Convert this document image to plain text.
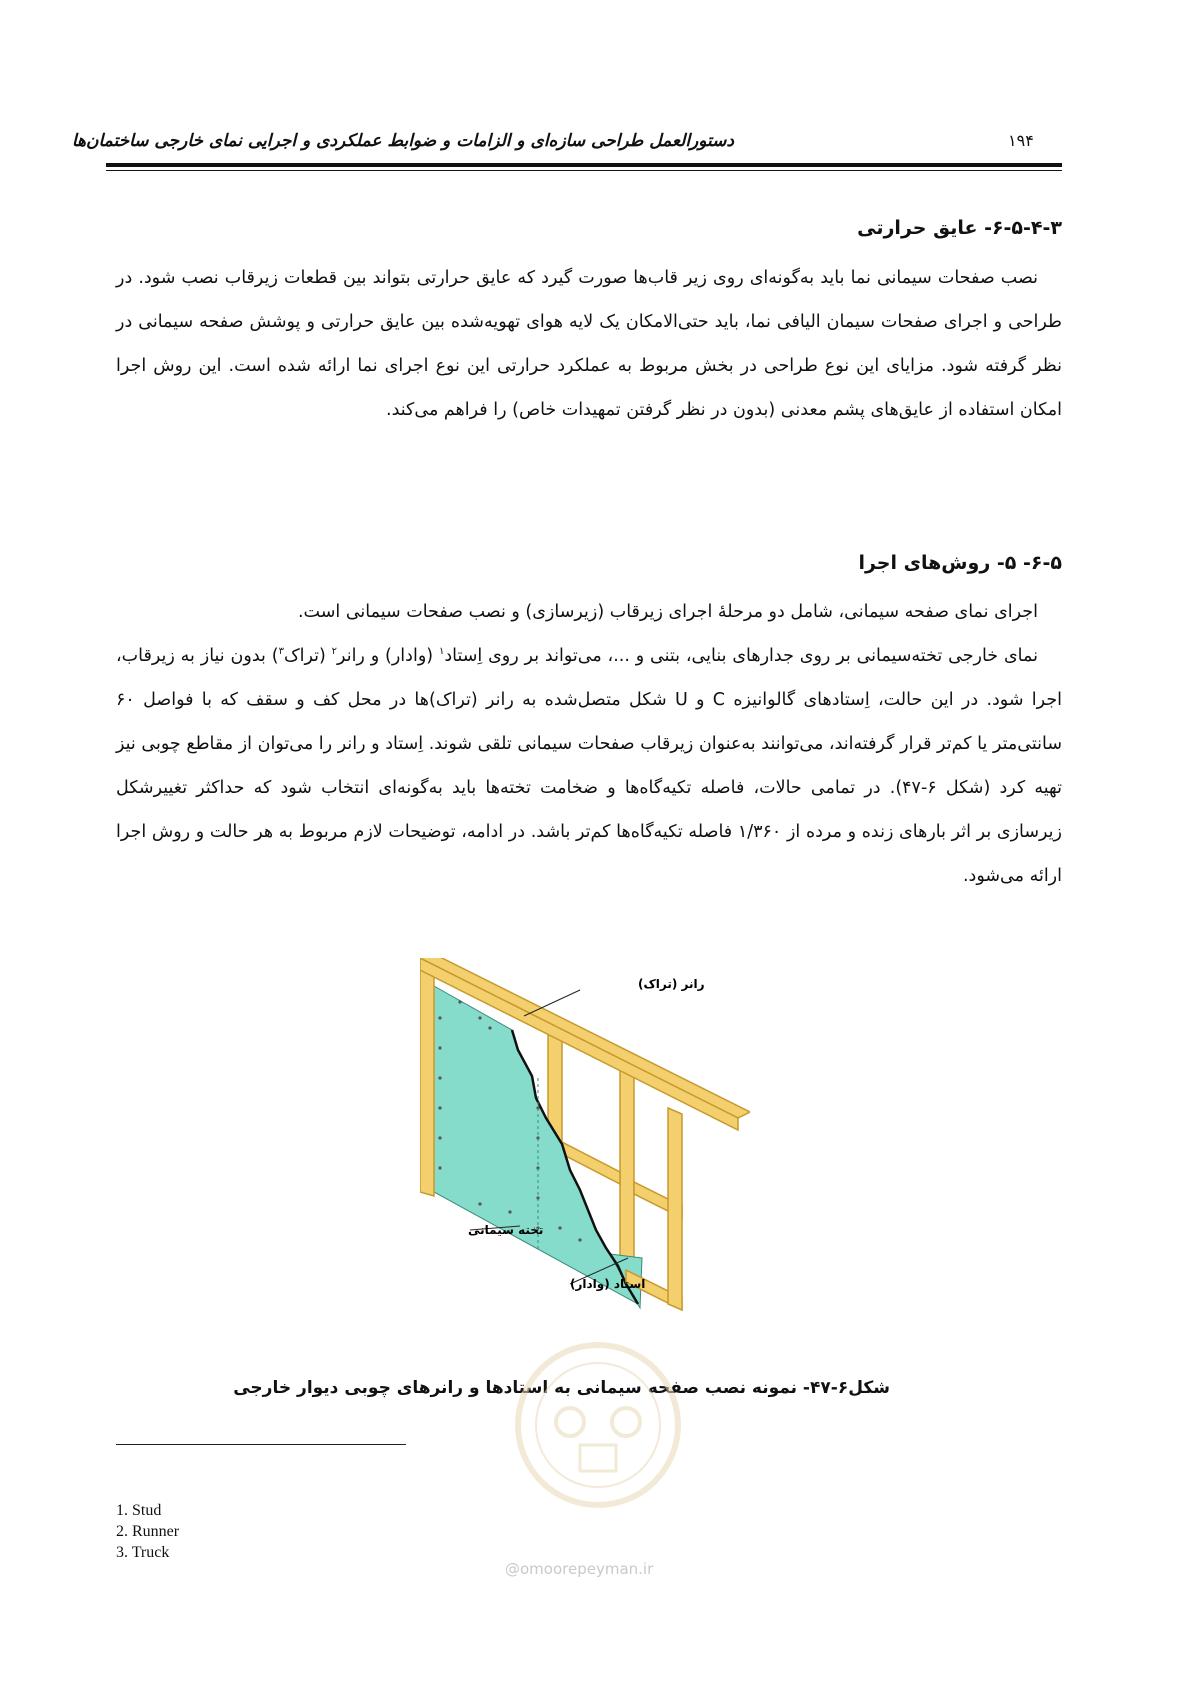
دستورالعمل طراحی سازه‌ای و الزامات و ضوابط عملکردی و اجرایی نمای خارجی ساختمان‌ها	۱۹۴
۶-۵-۴-۳- عایق حرارتی
نصب صفحات سیمانی نما باید به‌گونه‌ای روی زیر قاب‌ها صورت گیرد که عایق حرارتی بتواند بین قطعات زیرقاب نصب شود. در طراحی و اجرای صفحات سیمان الیافی نما، باید حتی‌الامکان یک لایه هوای تهویه‌شده بین عایق حرارتی و پوشش صفحه سیمانی در نظر گرفته شود. مزایای این نوع طراحی در بخش مربوط به عملکرد حرارتی این نوع اجرای نما ارائه شده است. این روش اجرا امکان استفاده از عایق‌های پشم معدنی (بدون در نظر گرفتن تمهیدات خاص) را فراهم می‌کند.
۶-۵- ۵- روش‌های اجرا
اجرای نمای صفحه سیمانی، شامل دو مرحلهٔ اجرای زیرقاب (زیرسازی) و نصب صفحات سیمانی است.
نمای خارجی تخته‌سیمانی بر روی جدارهای بنایی، بتنی و ...، می‌تواند بر روی اِستاد$^۱$ (وادار) و رانر$^۲$ (تراک$^۳$) بدون نیاز به زیرقاب، اجرا شود. در این حالت، اِستادهای گالوانیزه C و U شکل متصل‌شده به رانر (تراک)ها در محل کف و سقف که با فواصل ۶۰ سانتی‌متر یا کم‌تر قرار گرفته‌اند، می‌توانند به‌عنوان زیرقاب صفحات سیمانی تلقی شوند. اِستاد و رانر را می‌توان از مقاطع چوبی نیز تهیه کرد (شکل ۶-۴۷). در تمامی حالات، فاصله تکیه‌گاه‌ها و ضخامت تخته‌ها باید به‌گونه‌ای انتخاب شود که حداکثر تغییرشکل زیرسازی بر اثر بارهای زنده و مرده از ۱/۳۶۰ فاصله تکیه‌گاه‌ها کم‌تر باشد. در ادامه، توضیحات لازم مربوط به هر حالت و روش اجرا ارائه می‌شود.
رانر (تراک)
تخته سیمانی
استاد (وادار)
شکل۶-۴۷- نمونه نصب صفحه سیمانی به استادها و رانرهای چوبی دیوار خارجی
1. Stud
2. Runner
3. Truck
@omoorepeyman.ir
